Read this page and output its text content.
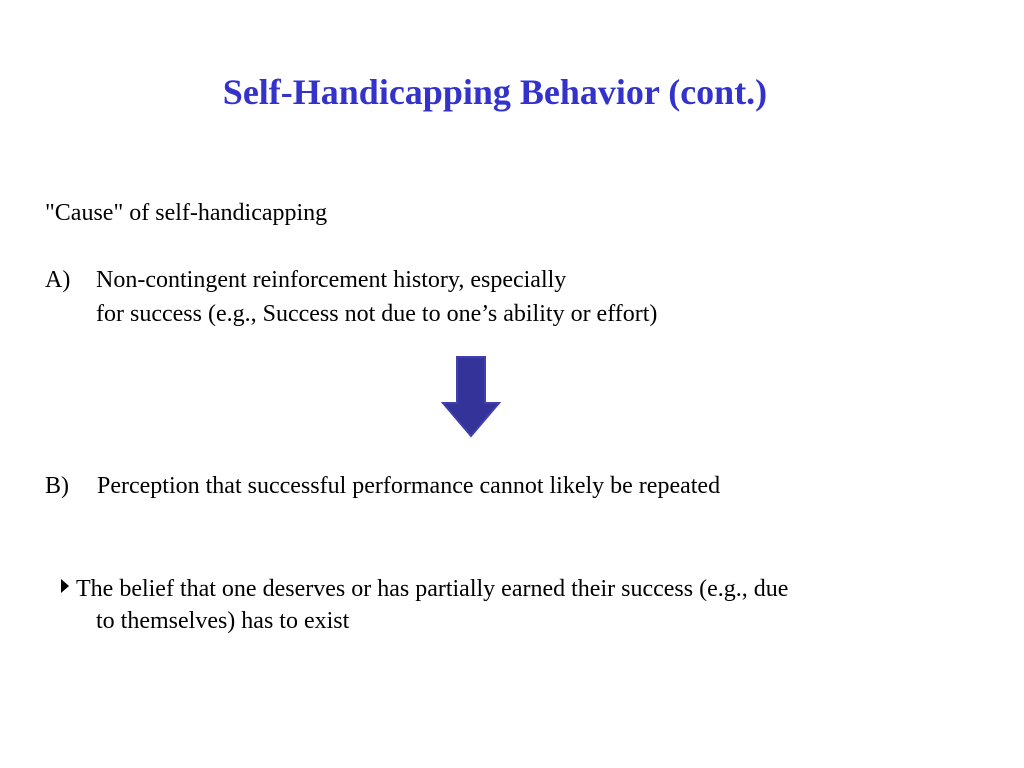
Self-Handicapping Behavior (cont.)
"Cause" of self-handicapping
A) Non-contingent reinforcement history, especially
for success (e.g., Success not due to one’s ability or effort)
B) Perception that successful performance cannot likely be repeated
The belief that one deserves or has partially earned their success (e.g., due
to themselves) has to exist
